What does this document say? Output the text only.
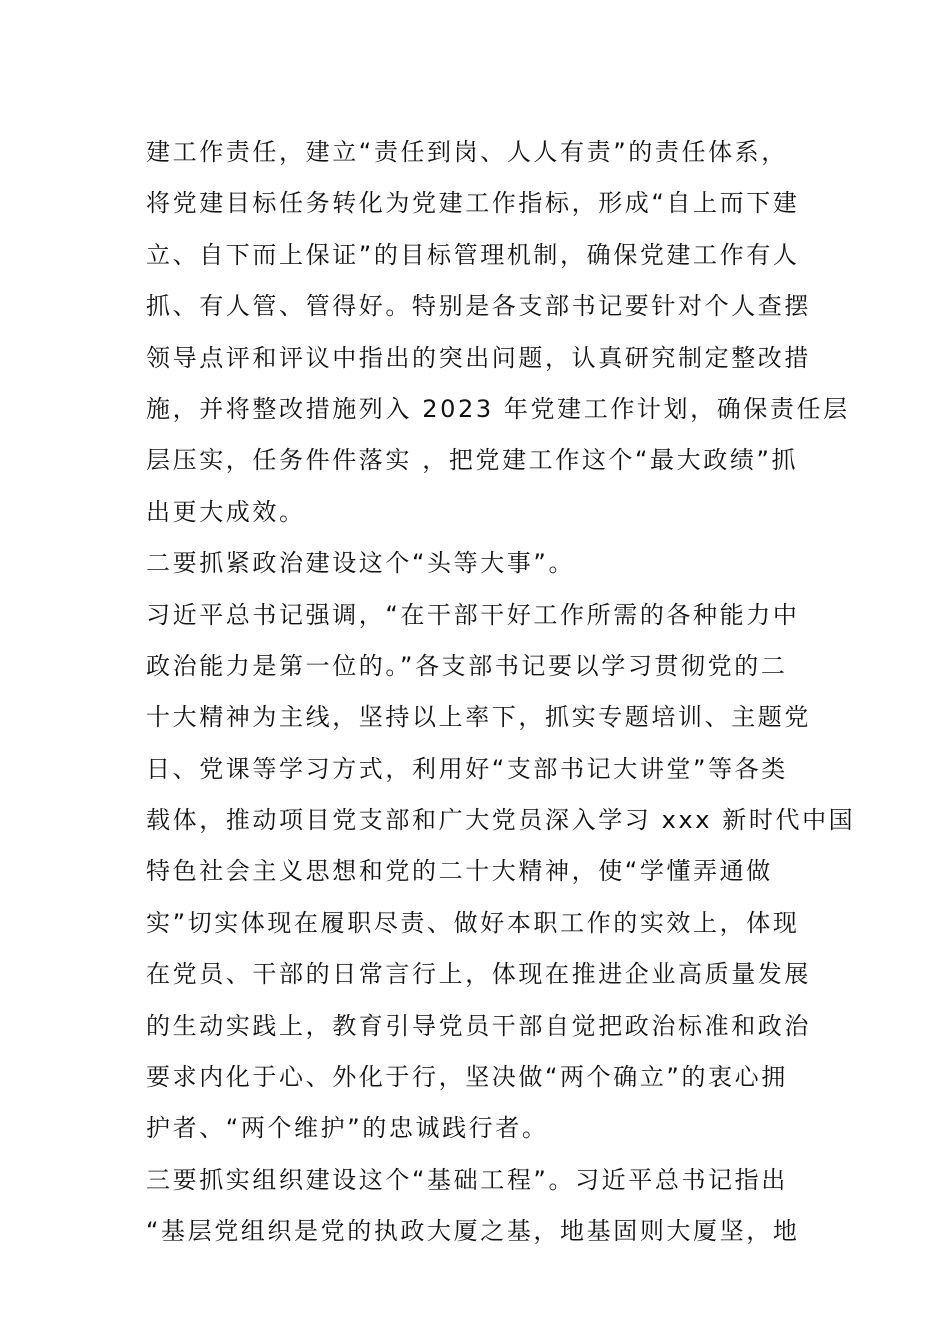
建工作责任，建立“责任到岗、人人有责”的责任体系，
将党建目标任务转化为党建工作指标，形成“自上而下建
立、自下而上保证”的目标管理机制，确保党建工作有人
抓、有人管、管得好。特别是各支部书记要针对个人查摆
领导点评和评议中指出的突出问题，认真研究制定整改措
施，并将整改措施列入 2023 年党建工作计划，确保责任层
层压实，任务件件落实 ，把党建工作这个“最大政绩”抓
出更大成效。
二要抓紧政治建设这个“头等大事”。
习近平总书记强调，“在干部干好工作所需的各种能力中
政治能力是第一位的。”各支部书记要以学习贯彻党的二
十大精神为主线，坚持以上率下，抓实专题培训、主题党
日、党课等学习方式，利用好“支部书记大讲堂”等各类
载体，推动项目党支部和广大党员深入学习 xxx 新时代中国
特色社会主义思想和党的二十大精神，使“学懂弄通做
实”切实体现在履职尽责、做好本职工作的实效上，体现
在党员、干部的日常言行上，体现在推进企业高质量发展
的生动实践上，教育引导党员干部自觉把政治标准和政治
要求内化于心、外化于行，坚决做“两个确立”的衷心拥
护者、“两个维护”的忠诚践行者。
三要抓实组织建设这个“基础工程”。习近平总书记指出
“基层党组织是党的执政大厦之基，地基固则大厦坚，地
